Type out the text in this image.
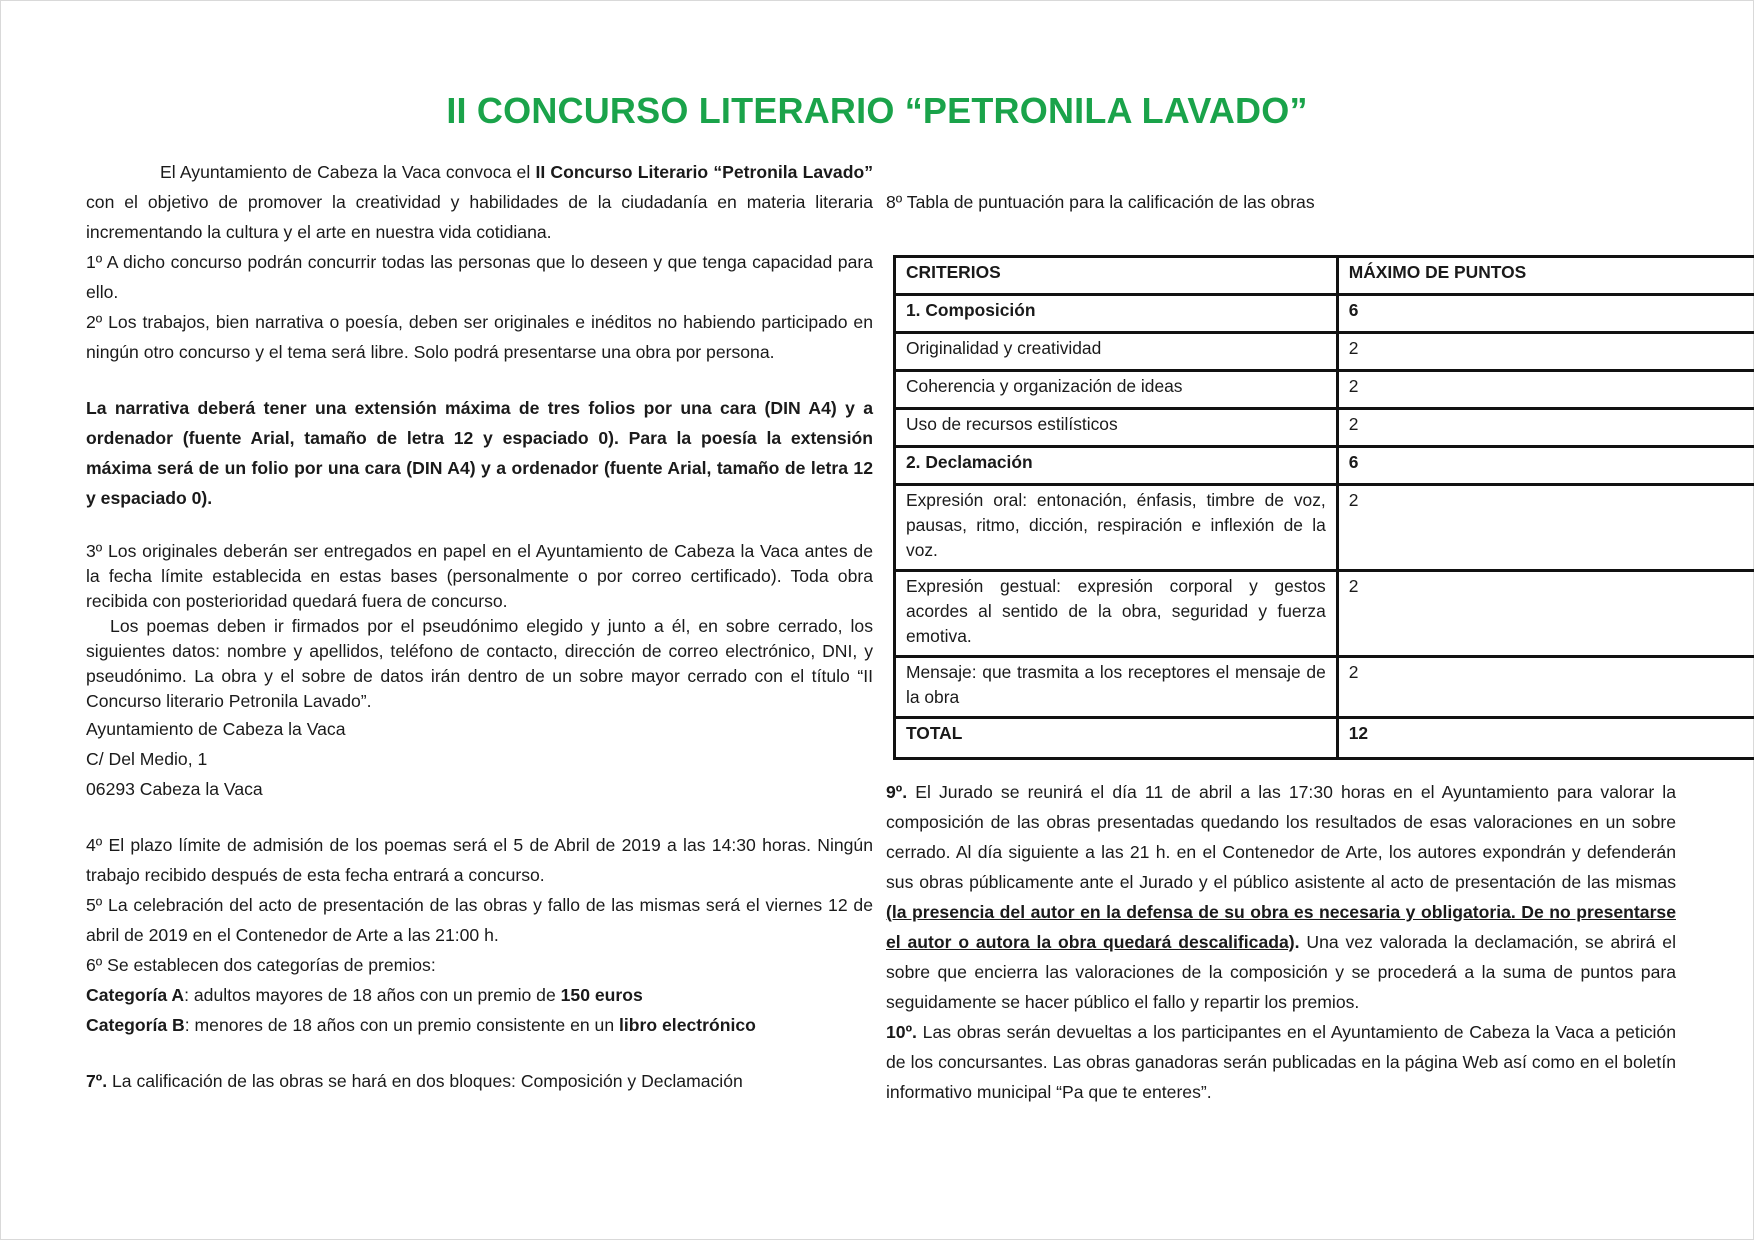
II CONCURSO LITERARIO “PETRONILA LAVADO”

El Ayuntamiento de Cabeza la Vaca convoca el II Concurso Literario “Petronila Lavado” con el objetivo de promover la creatividad y habilidades de la ciudadanía en materia literaria incrementando la cultura y el arte en nuestra vida cotidiana.

1º A dicho concurso podrán concurrir todas las personas que lo deseen y que tenga capacidad para ello.

2º Los trabajos, bien narrativa o poesía, deben ser originales e inéditos no habiendo participado en ningún otro concurso y el tema será libre. Solo podrá presentarse una obra por persona.

La narrativa deberá tener una extensión máxima de tres folios por una cara (DIN A4) y a ordenador (fuente Arial, tamaño de letra 12 y espaciado 0). Para la poesía la extensión máxima será de un folio por una cara (DIN A4) y a ordenador (fuente Arial, tamaño de letra 12 y espaciado 0).

3º Los originales deberán ser entregados en papel en el Ayuntamiento de Cabeza la Vaca antes de la fecha límite establecida en estas bases (personalmente o por correo certificado). Toda obra recibida con posterioridad quedará fuera de concurso.

Los poemas deben ir firmados por el pseudónimo elegido y junto a él, en sobre cerrado, los siguientes datos: nombre y apellidos, teléfono de contacto, dirección de correo electrónico, DNI, y pseudónimo. La obra y el sobre de datos irán dentro de un sobre mayor cerrado con el título “II Concurso literario Petronila Lavado”.

Ayuntamiento de Cabeza la Vaca

C/ Del Medio, 1

06293 Cabeza la Vaca

4º El plazo límite de admisión de los poemas será el 5 de Abril de 2019 a las 14:30 horas. Ningún trabajo recibido después de esta fecha entrará a concurso.

5º La celebración del acto de presentación de las obras y fallo de las mismas será el viernes 12 de abril de 2019 en el Contenedor de Arte a las 21:00 h.

6º Se establecen dos categorías de premios:

Categoría A: adultos mayores de 18 años con un premio de 150 euros

Categoría B: menores de 18 años con un premio consistente en un libro electrónico

7º. La calificación de las obras se hará en dos bloques: Composición y Declamación

8º Tabla de puntuación para la calificación de las obras

CRITERIOS	MÁXIMO DE PUNTOS
1. Composición	6
Originalidad y creatividad	2
Coherencia y organización de ideas	2
Uso de recursos estilísticos	2
2. Declamación	6
Expresión oral: entonación, énfasis, timbre de voz, pausas, ritmo, dicción, respiración e inflexión de la voz.	2
Expresión gestual: expresión corporal y gestos acordes al sentido de la obra, seguridad y fuerza emotiva.	2
Mensaje: que trasmita a los receptores el mensaje de la obra	2
TOTAL	12

9º. El Jurado se reunirá el día 11 de abril a las 17:30 horas en el Ayuntamiento para valorar la composición de las obras presentadas quedando los resultados de esas valoraciones en un sobre cerrado. Al día siguiente a las 21 h. en el Contenedor de Arte, los autores expondrán y defenderán sus obras públicamente ante el Jurado y el público asistente al acto de presentación de las mismas (la presencia del autor en la defensa de su obra es necesaria y obligatoria. De no presentarse el autor o autora la obra quedará descalificada). Una vez valorada la declamación, se abrirá el sobre que encierra las valoraciones de la composición y se procederá a la suma de puntos para seguidamente se hacer público el fallo y repartir los premios.

10º. Las obras serán devueltas a los participantes en el Ayuntamiento de Cabeza la Vaca a petición de los concursantes. Las obras ganadoras serán publicadas en la página Web así como en el boletín informativo municipal “Pa que te enteres”.
